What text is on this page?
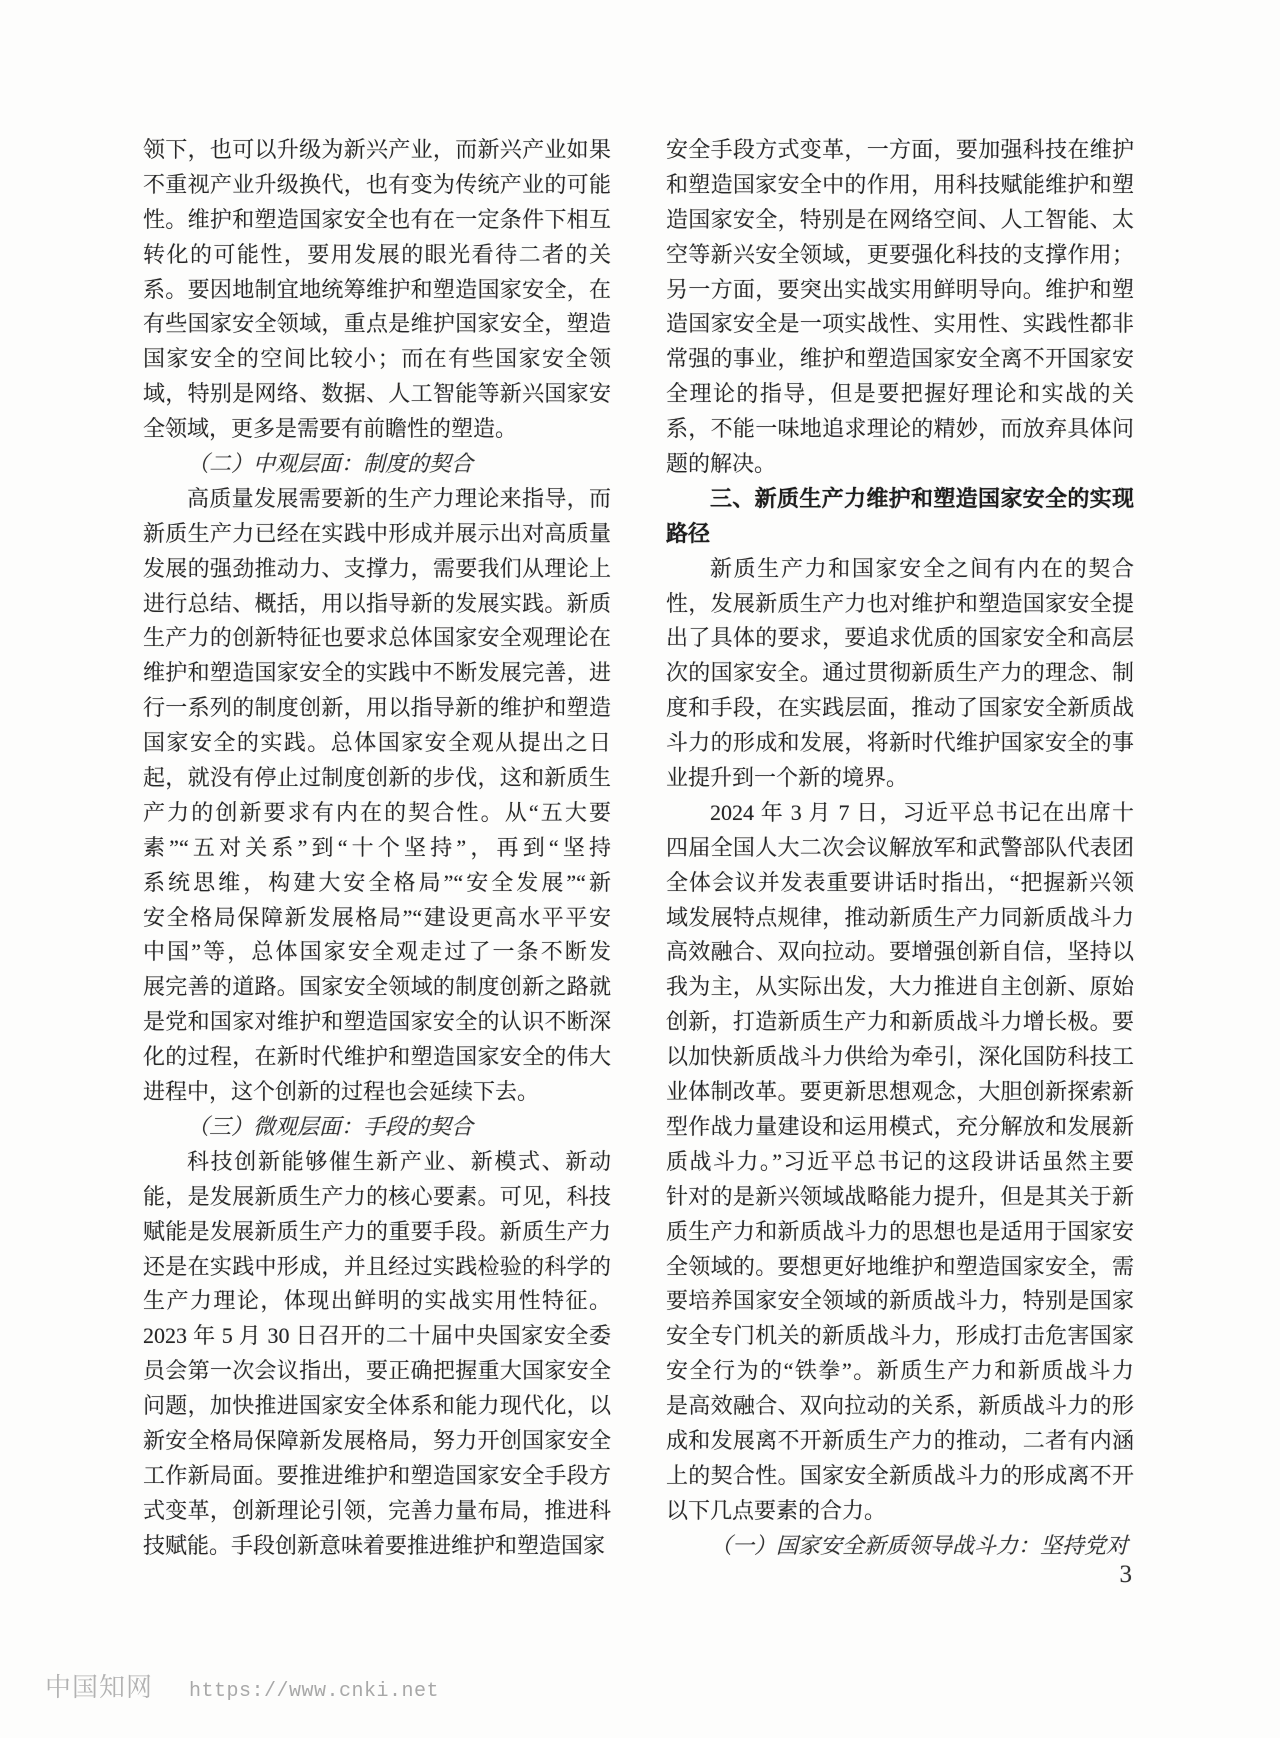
领下，也可以升级为新兴产业，而新兴产业如果
不重视产业升级换代，也有变为传统产业的可能
性。维护和塑造国家安全也有在一定条件下相互
转化的可能性，要用发展的眼光看待二者的关
系。要因地制宜地统筹维护和塑造国家安全，在
有些国家安全领域，重点是维护国家安全，塑造
国家安全的空间比较小；而在有些国家安全领
域，特别是网络、数据、人工智能等新兴国家安
全领域，更多是需要有前瞻性的塑造。
（二）中观层面：制度的契合
高质量发展需要新的生产力理论来指导，而
新质生产力已经在实践中形成并展示出对高质量
发展的强劲推动力、支撑力，需要我们从理论上
进行总结、概括，用以指导新的发展实践。新质
生产力的创新特征也要求总体国家安全观理论在
维护和塑造国家安全的实践中不断发展完善，进
行一系列的制度创新，用以指导新的维护和塑造
国家安全的实践。总体国家安全观从提出之日
起，就没有停止过制度创新的步伐，这和新质生
产力的创新要求有内在的契合性。从“五大要
素”“五对关系”到“十个坚持”，再到“坚持
系统思维，构建大安全格局”“安全发展”“新
安全格局保障新发展格局”“建设更高水平平安
中国”等，总体国家安全观走过了一条不断发
展完善的道路。国家安全领域的制度创新之路就
是党和国家对维护和塑造国家安全的认识不断深
化的过程，在新时代维护和塑造国家安全的伟大
进程中，这个创新的过程也会延续下去。
（三）微观层面：手段的契合
科技创新能够催生新产业、新模式、新动
能，是发展新质生产力的核心要素。可见，科技
赋能是发展新质生产力的重要手段。新质生产力
还是在实践中形成，并且经过实践检验的科学的
生产力理论，体现出鲜明的实战实用性特征。
2023 年 5 月 30 日召开的二十届中央国家安全委
员会第一次会议指出，要正确把握重大国家安全
问题，加快推进国家安全体系和能力现代化，以
新安全格局保障新发展格局，努力开创国家安全
工作新局面。要推进维护和塑造国家安全手段方
式变革，创新理论引领，完善力量布局，推进科
技赋能。手段创新意味着要推进维护和塑造国家
安全手段方式变革，一方面，要加强科技在维护
和塑造国家安全中的作用，用科技赋能维护和塑
造国家安全，特别是在网络空间、人工智能、太
空等新兴安全领域，更要强化科技的支撑作用；
另一方面，要突出实战实用鲜明导向。维护和塑
造国家安全是一项实战性、实用性、实践性都非
常强的事业，维护和塑造国家安全离不开国家安
全理论的指导，但是要把握好理论和实战的关
系，不能一味地追求理论的精妙，而放弃具体问
题的解决。
三、新质生产力维护和塑造国家安全的实现
路径
新质生产力和国家安全之间有内在的契合
性，发展新质生产力也对维护和塑造国家安全提
出了具体的要求，要追求优质的国家安全和高层
次的国家安全。通过贯彻新质生产力的理念、制
度和手段，在实践层面，推动了国家安全新质战
斗力的形成和发展，将新时代维护国家安全的事
业提升到一个新的境界。
2024 年 3 月 7 日，习近平总书记在出席十
四届全国人大二次会议解放军和武警部队代表团
全体会议并发表重要讲话时指出，“把握新兴领
域发展特点规律，推动新质生产力同新质战斗力
高效融合、双向拉动。要增强创新自信，坚持以
我为主，从实际出发，大力推进自主创新、原始
创新，打造新质生产力和新质战斗力增长极。要
以加快新质战斗力供给为牵引，深化国防科技工
业体制改革。要更新思想观念，大胆创新探索新
型作战力量建设和运用模式，充分解放和发展新
质战斗力。”习近平总书记的这段讲话虽然主要
针对的是新兴领域战略能力提升，但是其关于新
质生产力和新质战斗力的思想也是适用于国家安
全领域的。要想更好地维护和塑造国家安全，需
要培养国家安全领域的新质战斗力，特别是国家
安全专门机关的新质战斗力，形成打击危害国家
安全行为的“铁拳”。新质生产力和新质战斗力
是高效融合、双向拉动的关系，新质战斗力的形
成和发展离不开新质生产力的推动，二者有内涵
上的契合性。国家安全新质战斗力的形成离不开
以下几点要素的合力。
（一）国家安全新质领导战斗力：坚持党对
3
中国知网 https://www.cnki.net
